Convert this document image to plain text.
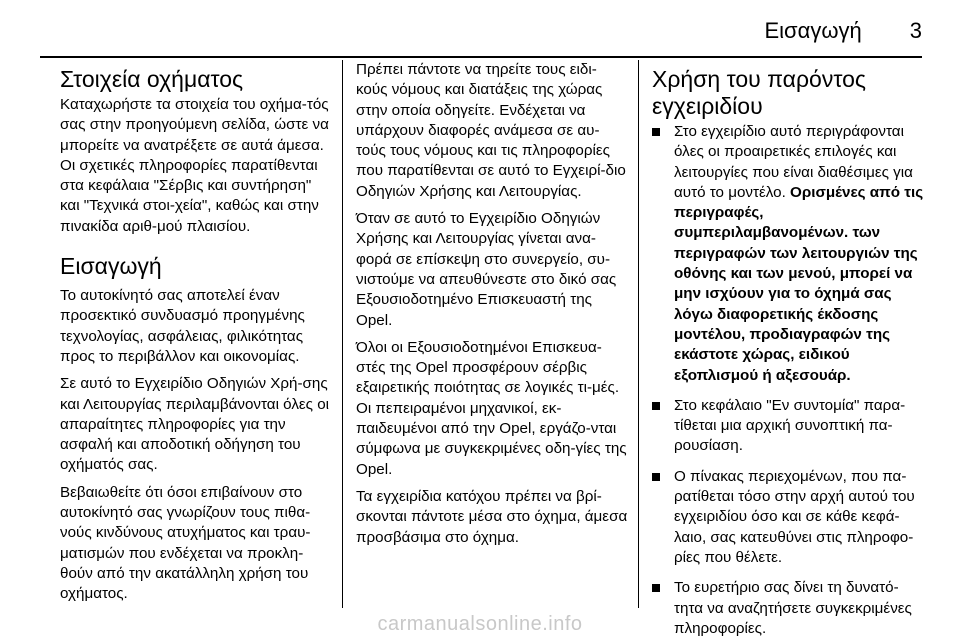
Εισαγωγή 3
Στοιχεία οχήματος

Καταχωρήστε τα στοιχεία του οχήμα-τός σας στην προηγούμενη σελίδα, ώστε να μπορείτε να ανατρέξετε σε αυτά άμεσα. Οι σχετικές πληροφορίες παρατίθενται στα κεφάλαια "Σέρβις και συντήρηση" και "Τεχνικά στοι-χεία", καθώς και στην πινακίδα αριθ-μού πλαισίου.

Εισαγωγή

Το αυτοκίνητό σας αποτελεί έναν προσεκτικό συνδυασμό προηγμένης τεχνολογίας, ασφάλειας, φιλικότητας προς το περιβάλλον και οικονομίας.

Σε αυτό το Εγχειρίδιο Οδηγιών Χρή-σης και Λειτουργίας περιλαμβάνονται όλες οι απαραίτητες πληροφορίες για την ασφαλή και αποδοτική οδήγηση του οχήματός σας.

Βεβαιωθείτε ότι όσοι επιβαίνουν στο αυτοκίνητό σας γνωρίζουν τους πιθα-νούς κινδύνους ατυχήματος και τραυ-ματισμών που ενδέχεται να προκλη-θούν από την ακατάλληλη χρήση του οχήματος.

Πρέπει πάντοτε να τηρείτε τους ειδι-κούς νόμους και διατάξεις της χώρας στην οποία οδηγείτε. Ενδέχεται να υπάρχουν διαφορές ανάμεσα σε αυ-τούς τους νόμους και τις πληροφορίες που παρατίθενται σε αυτό το Εγχειρί-διο Οδηγιών Χρήσης και Λειτουργίας.

Όταν σε αυτό το Εγχειρίδιο Οδηγιών Χρήσης και Λειτουργίας γίνεται ανα-φορά σε επίσκεψη στο συνεργείο, συ-νιστούμε να απευθύνεστε στο δικό σας Εξουσιοδοτημένο Επισκευαστή της Opel.

Όλοι οι Εξουσιοδοτημένοι Επισκευα-στές της Opel προσφέρουν σέρβις εξαιρετικής ποιότητας σε λογικές τι-μές. Οι πεπειραμένοι μηχανικοί, εκ-παιδευμένοι από την Opel, εργάζο-νται σύμφωνα με συγκεκριμένες οδη-γίες της Opel.

Τα εγχειρίδια κατόχου πρέπει να βρί-σκονται πάντοτε μέσα στο όχημα, άμεσα προσβάσιμα στο όχημα.

Χρήση του παρόντος εγχειριδίου
Στο εγχειρίδιο αυτό περιγράφονται όλες οι προαιρετικές επιλογές και λειτουργίες που είναι διαθέσιμες για αυτό το μοντέλο. Ορισμένες από τις περιγραφές, συμπεριλαμβανομένων. των περιγραφών των λειτουργιών της οθόνης και των μενού, μπορεί να μην ισχύουν για το όχημά σας λόγω διαφορετικής έκδοσης μοντέλου, προδιαγραφών της εκάστοτε χώρας, ειδικού εξοπλισμού ή αξεσουάρ.
Στο κεφάλαιο "Εν συντομία" παρα-τίθεται μια αρχική συνοπτική πα-ρουσίαση.
Ο πίνακας περιεχομένων, που πα-ρατίθεται τόσο στην αρχή αυτού του εγχειριδίου όσο και σε κάθε κεφά-λαιο, σας κατευθύνει στις πληροφο-ρίες που θέλετε.
Το ευρετήριο σας δίνει τη δυνατό-τητα να αναζητήσετε συγκεκριμένες πληροφορίες.
carmanualsonline.info
